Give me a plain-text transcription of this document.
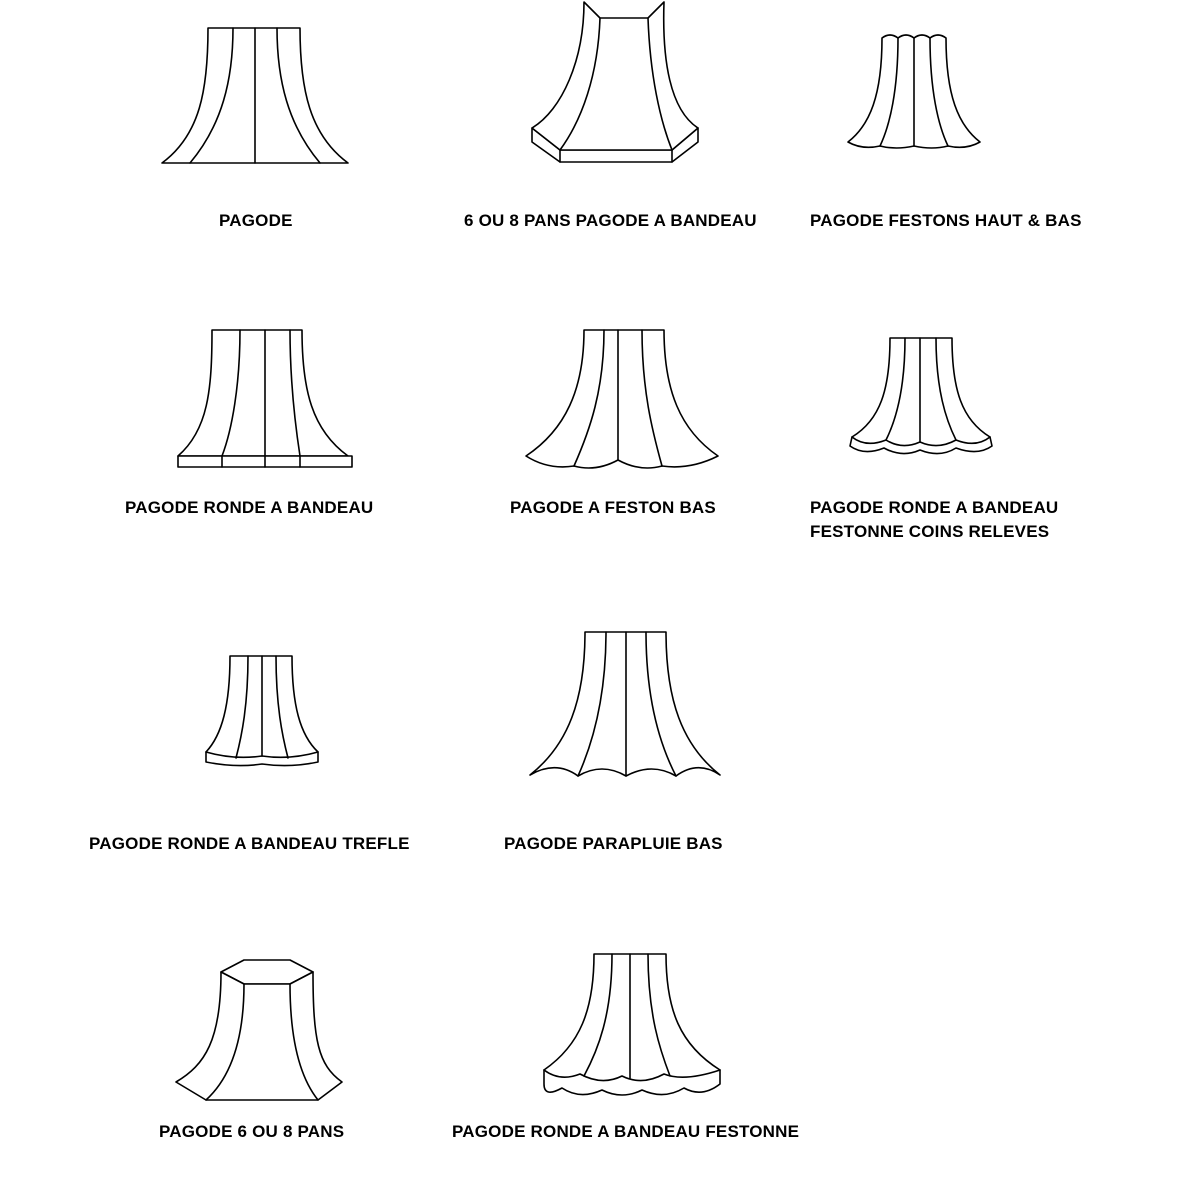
PAGODE	6 OU 8 PANS PAGODE A BANDEAU	PAGODE FESTONS HAUT & BAS
PAGODE RONDE A BANDEAU	PAGODE A FESTON BAS	PAGODE RONDE A BANDEAU
FESTONNE COINS RELEVES
PAGODE RONDE A BANDEAU TREFLE	PAGODE PARAPLUIE BAS
PAGODE 6 OU 8 PANS	PAGODE RONDE A BANDEAU FESTONNE
